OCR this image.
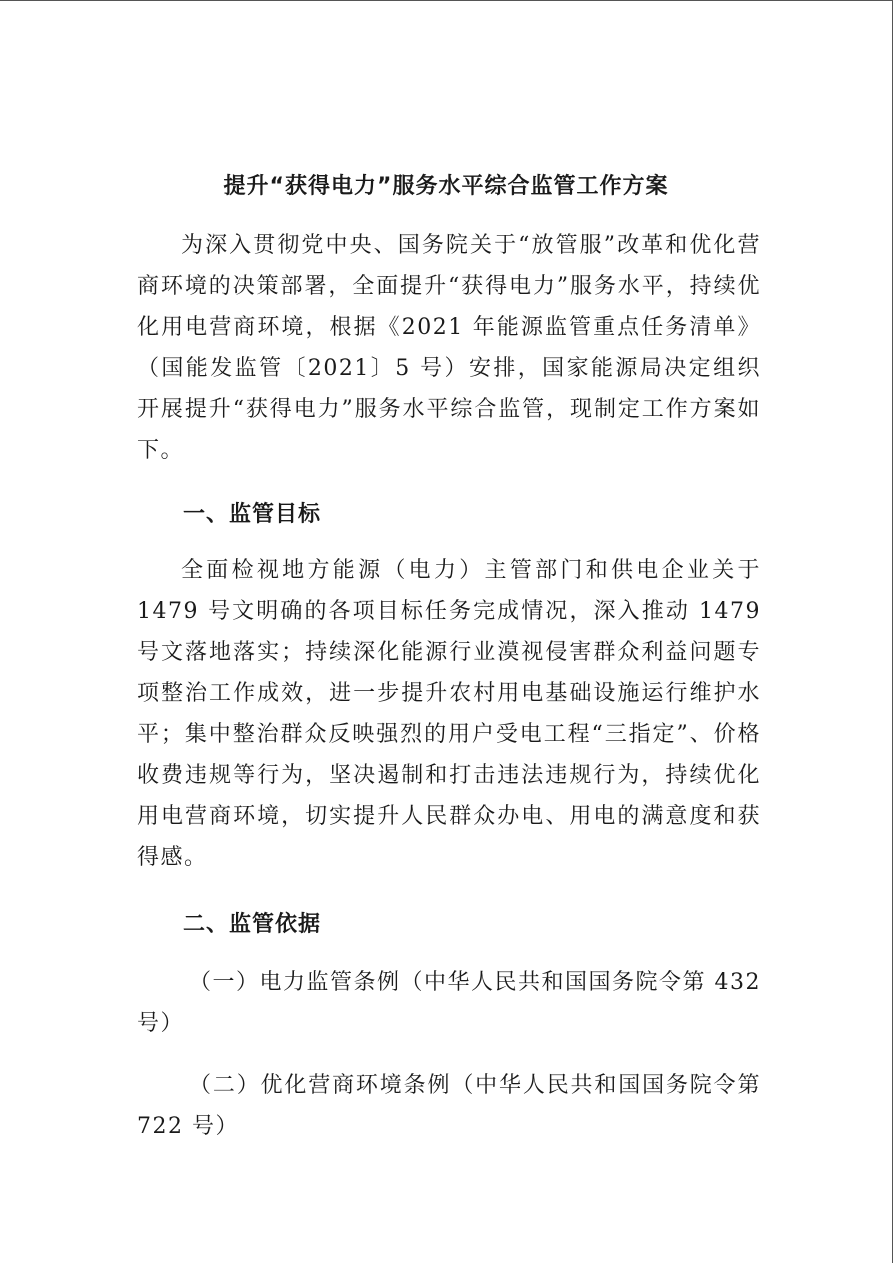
提升“获得电力”服务水平综合监管工作方案

为深入贯彻党中央、国务院关于“放管服”改革和优化营商环境的决策部署，全面提升“获得电力”服务水平，持续优化用电营商环境，根据《2021 年能源监管重点任务清单》（国能发监管〔2021〕5 号）安排，国家能源局决定组织开展提升“获得电力”服务水平综合监管，现制定工作方案如下。

一、监管目标

全面检视地方能源（电力）主管部门和供电企业关于 1479 号文明确的各项目标任务完成情况，深入推动 1479 号文落地落实；持续深化能源行业漠视侵害群众利益问题专项整治工作成效，进一步提升农村用电基础设施运行维护水平；集中整治群众反映强烈的用户受电工程“三指定”、价格收费违规等行为，坚决遏制和打击违法违规行为，持续优化用电营商环境，切实提升人民群众办电、用电的满意度和获得感。

二、监管依据

（一）电力监管条例（中华人民共和国国务院令第 432 号）

（二）优化营商环境条例（中华人民共和国国务院令第 722 号）
